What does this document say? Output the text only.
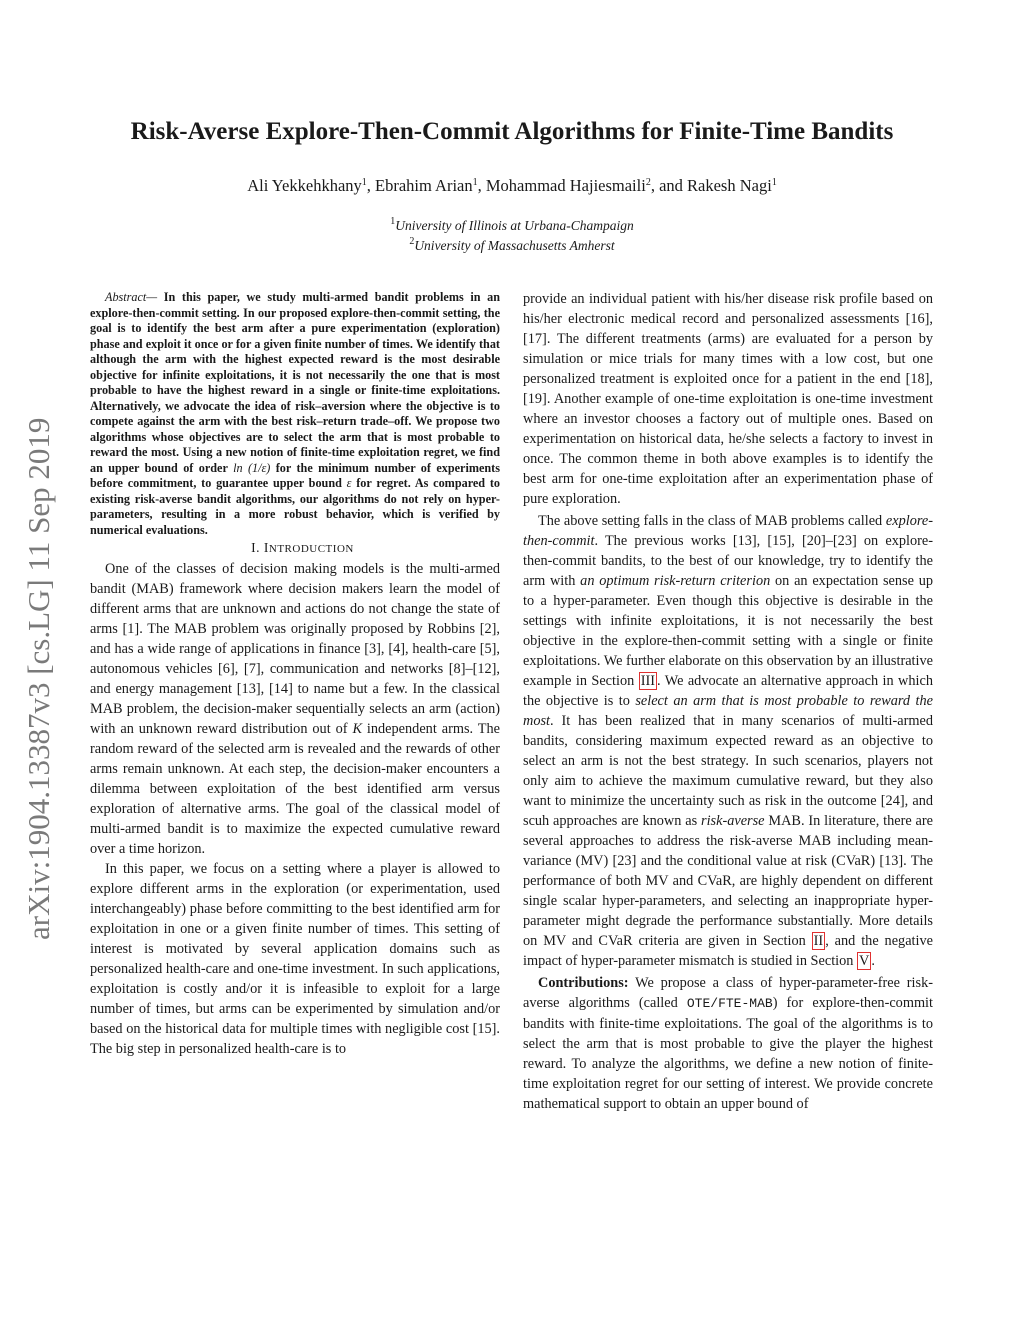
Risk-Averse Explore-Then-Commit Algorithms for Finite-Time Bandits
Ali Yekkehkhany$^1$, Ebrahim Arian$^1$, Mohammad Hajiesmaili$^2$, and Rakesh Nagi$^1$
$^1$University of Illinois at Urbana-Champaign
$^2$University of Massachusetts Amherst
arXiv:1904.13387v3 [cs.LG] 11 Sep 2019

Abstract— In this paper, we study multi-armed bandit problems in an explore-then-commit setting. In our proposed explore-then-commit setting, the goal is to identify the best arm after a pure experimentation (exploration) phase and exploit it once or for a given finite number of times. We identify that although the arm with the highest expected reward is the most desirable objective for infinite exploitations, it is not necessarily the one that is most probable to have the highest reward in a single or finite-time exploitations. Alternatively, we advocate the idea of risk–aversion where the objective is to compete against the arm with the best risk–return trade–off. We propose two algorithms whose objectives are to select the arm that is most probable to reward the most. Using a new notion of finite-time exploitation regret, we find an upper bound of order ln (1/ε) for the minimum number of experiments before commitment, to guarantee upper bound ε for regret. As compared to existing risk-averse bandit algorithms, our algorithms do not rely on hyper-parameters, resulting in a more robust behavior, which is verified by numerical evaluations.

I. INTRODUCTION

One of the classes of decision making models is the multi-armed bandit (MAB) framework where decision makers learn the model of different arms that are unknown and actions do not change the state of arms [1]. The MAB problem was originally proposed by Robbins [2], and has a wide range of applications in finance [3], [4], health-care [5], autonomous vehicles [6], [7], communication and networks [8]–[12], and energy management [13], [14] to name but a few. In the classical MAB problem, the decision-maker sequentially selects an arm (action) with an unknown reward distribution out of K independent arms. The random reward of the selected arm is revealed and the rewards of other arms remain unknown. At each step, the decision-maker encounters a dilemma between exploitation of the best identified arm versus exploration of alternative arms. The goal of the classical model of multi-armed bandit is to maximize the expected cumulative reward over a time horizon.

In this paper, we focus on a setting where a player is allowed to explore different arms in the exploration (or experimentation, used interchangeably) phase before committing to the best identified arm for exploitation in one or a given finite number of times. This setting of interest is motivated by several application domains such as personalized health-care and one-time investment. In such applications, exploitation is costly and/or it is infeasible to exploit for a large number of times, but arms can be experimented by simulation and/or based on the historical data for multiple times with negligible cost [15]. The big step in personalized health-care is to

provide an individual patient with his/her disease risk profile based on his/her electronic medical record and personalized assessments [16], [17]. The different treatments (arms) are evaluated for a person by simulation or mice trials for many times with a low cost, but one personalized treatment is exploited once for a patient in the end [18], [19]. Another example of one-time exploitation is one-time investment where an investor chooses a factory out of multiple ones. Based on experimentation on historical data, he/she selects a factory to invest in once. The common theme in both above examples is to identify the best arm for one-time exploitation after an experimentation phase of pure exploration.

The above setting falls in the class of MAB problems called explore-then-commit. The previous works [13], [15], [20]–[23] on explore-then-commit bandits, to the best of our knowledge, try to identify the arm with an optimum risk-return criterion on an expectation sense up to a hyper-parameter. Even though this objective is desirable in the settings with infinite exploitations, it is not necessarily the best objective in the explore-then-commit setting with a single or finite exploitations. We further elaborate on this observation by an illustrative example in Section III . We advocate an alternative approach in which the objective is to select an arm that is most probable to reward the most. It has been realized that in many scenarios of multi-armed bandits, considering maximum expected reward as an objective to select an arm is not the best strategy. In such scenarios, players not only aim to achieve the maximum cumulative reward, but they also want to minimize the uncertainty such as risk in the outcome [24], and scuh approaches are known as risk-averse MAB. In literature, there are several approaches to address the risk-averse MAB including mean-variance (MV) [23] and the conditional value at risk (CVaR) [13]. The performance of both MV and CVaR, are highly dependent on different single scalar hyper-parameters, and selecting an inappropriate hyper-parameter might degrade the performance substantially. More details on MV and CVaR criteria are given in Section II , and the negative impact of hyper-parameter mismatch is studied in Section V .

Contributions: We propose a class of hyper-parameter-free risk-averse algorithms (called OTE/FTE-MAB) for explore-then-commit bandits with finite-time exploitations. The goal of the algorithms is to select the arm that is most probable to give the player the highest reward. To analyze the algorithms, we define a new notion of finite-time exploitation regret for our setting of interest. We provide concrete mathematical support to obtain an upper bound of
